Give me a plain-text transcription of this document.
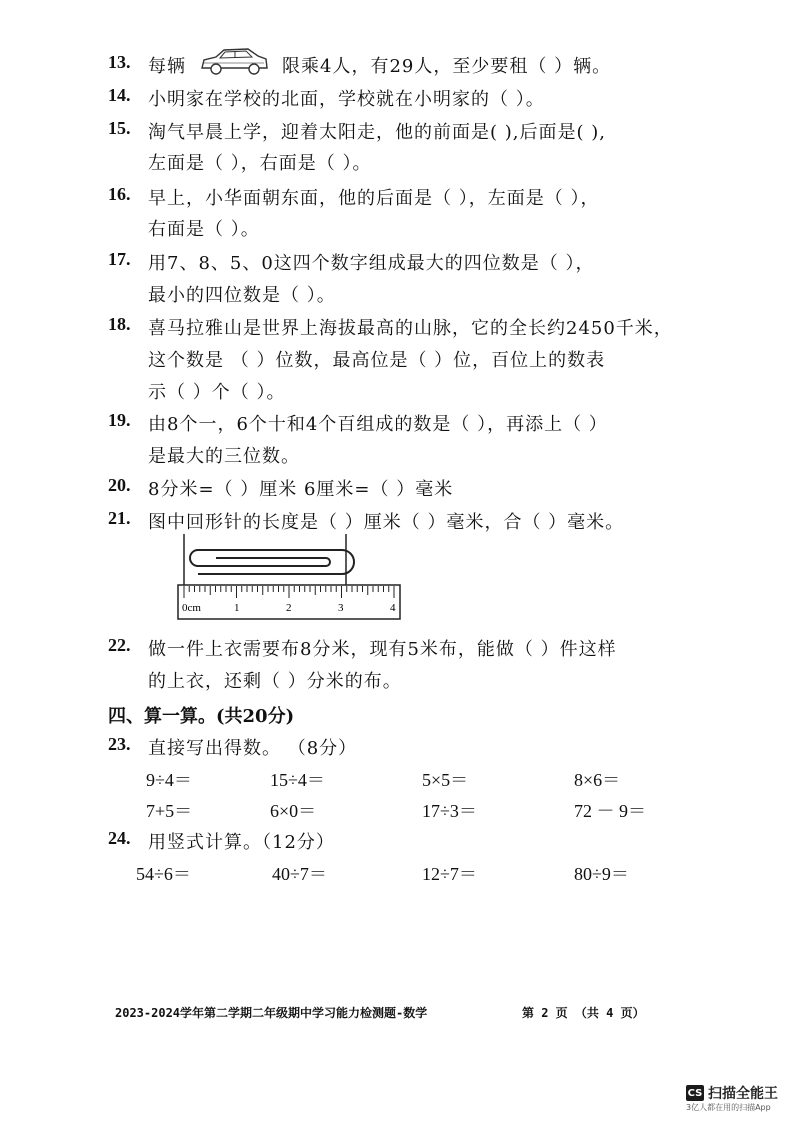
13. 每辆	限乘4人，有29人，至少要租（ ）辆。
14. 小明家在学校的北面，学校就在小明家的（ ）。
15. 淘气早晨上学，迎着太阳走，他的前面是( ),后面是( ),
左面是（ ），右面是（ ）。
16. 早上，小华面朝东面，他的后面是（ ），左面是（ ），
右面是（ ）。
17. 用7、8、5、0这四个数字组成最大的四位数是（ ），
最小的四位数是（ ）。
18. 喜马拉雅山是世界上海拔最高的山脉，它的全长约2450千米，
这个数是 （ ）位数，最高位是（ ）位，百位上的数表
示（ ）个（ ）。
19. 由8个一，6个十和4个百组成的数是（ ），再添上（ ）
是最大的三位数。
20. 8分米=（ ）厘米 6厘米=（ ）毫米
21. 图中回形针的长度是（ ）厘米（ ）毫米，合（ ）毫米。
0cm	1	2	3	4
22. 做一件上衣需要布8分米，现有5米布，能做（ ）件这样
的上衣，还剩（ ）分米的布。
四、算一算。(共20分)
23. 直接写出得数。 （8分）
9÷4＝	15÷4＝	5×5＝	8×6＝
7+5＝	6×0＝	17÷3＝	72 － 9＝
24. 用竖式计算。（12分）
54÷6＝	40÷7＝	12÷7＝	80÷9＝
2023-2024学年第二学期二年级期中学习能力检测题-数学	第 2 页 （共 4 页）
CS 扫描全能王
3亿人都在用的扫描App
